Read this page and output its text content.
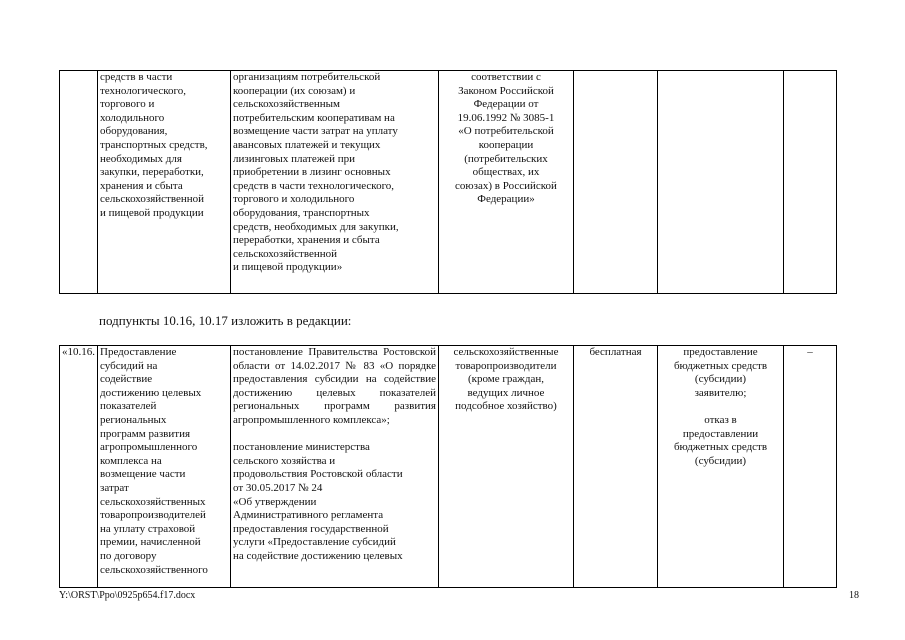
	средств в части
технологического,
торгового и
холодильного
оборудования,
транспортных средств,
необходимых для
закупки, переработки,
хранения и сбыта
сельскохозяйственной
и пищевой продукции	организациям потребительской
кооперации (их союзам) и
сельскохозяйственным
потребительским кооперативам на
возмещение части затрат на уплату
авансовых платежей и текущих
лизинговых платежей при
приобретении в лизинг основных
средств в части технологического,
торгового и холодильного
оборудования, транспортных
средств, необходимых для закупки,
переработки, хранения и сбыта
сельскохозяйственной
и пищевой продукции»	соответствии с
Законом Российской
Федерации от
19.06.1992 № 3085-1
«О потребительской
кооперации
(потребительских
обществах, их
союзах) в Российской
Федерации»			
подпункты 10.16, 10.17 изложить в редакции:
«10.16.	Предоставление
субсидий на
содействие
достижению целевых
показателей
региональных
программ развития
агропромышленного
комплекса на
возмещение части
затрат
сельскохозяйственных
товаропроизводителей
на уплату страховой
премии, начисленной
по договору
сельскохозяйственного	
постановление Правительства Ростовской области от 14.02.2017 № 83 «О порядке предоставления субсидии на содействие достижению целевых показателей региональных программ развития агропромышленного комплекса»;
постановление министерства
сельского хозяйства и
продовольствия Ростовской области
от 30.05.2017 № 24
«Об утверждении
Административного регламента
предоставления государственной
услуги «Предоставление субсидий
на содействие достижению целевых
	сельскохозяйственные
товаропроизводители
(кроме граждан,
ведущих личное
подсобное хозяйство)	бесплатная	предоставление
бюджетных средств
(субсидии)
заявителю;

отказ в
предоставлении
бюджетных средств
(субсидии)	–
Y:\ORST\Ppo\0925p654.f17.docx	18
